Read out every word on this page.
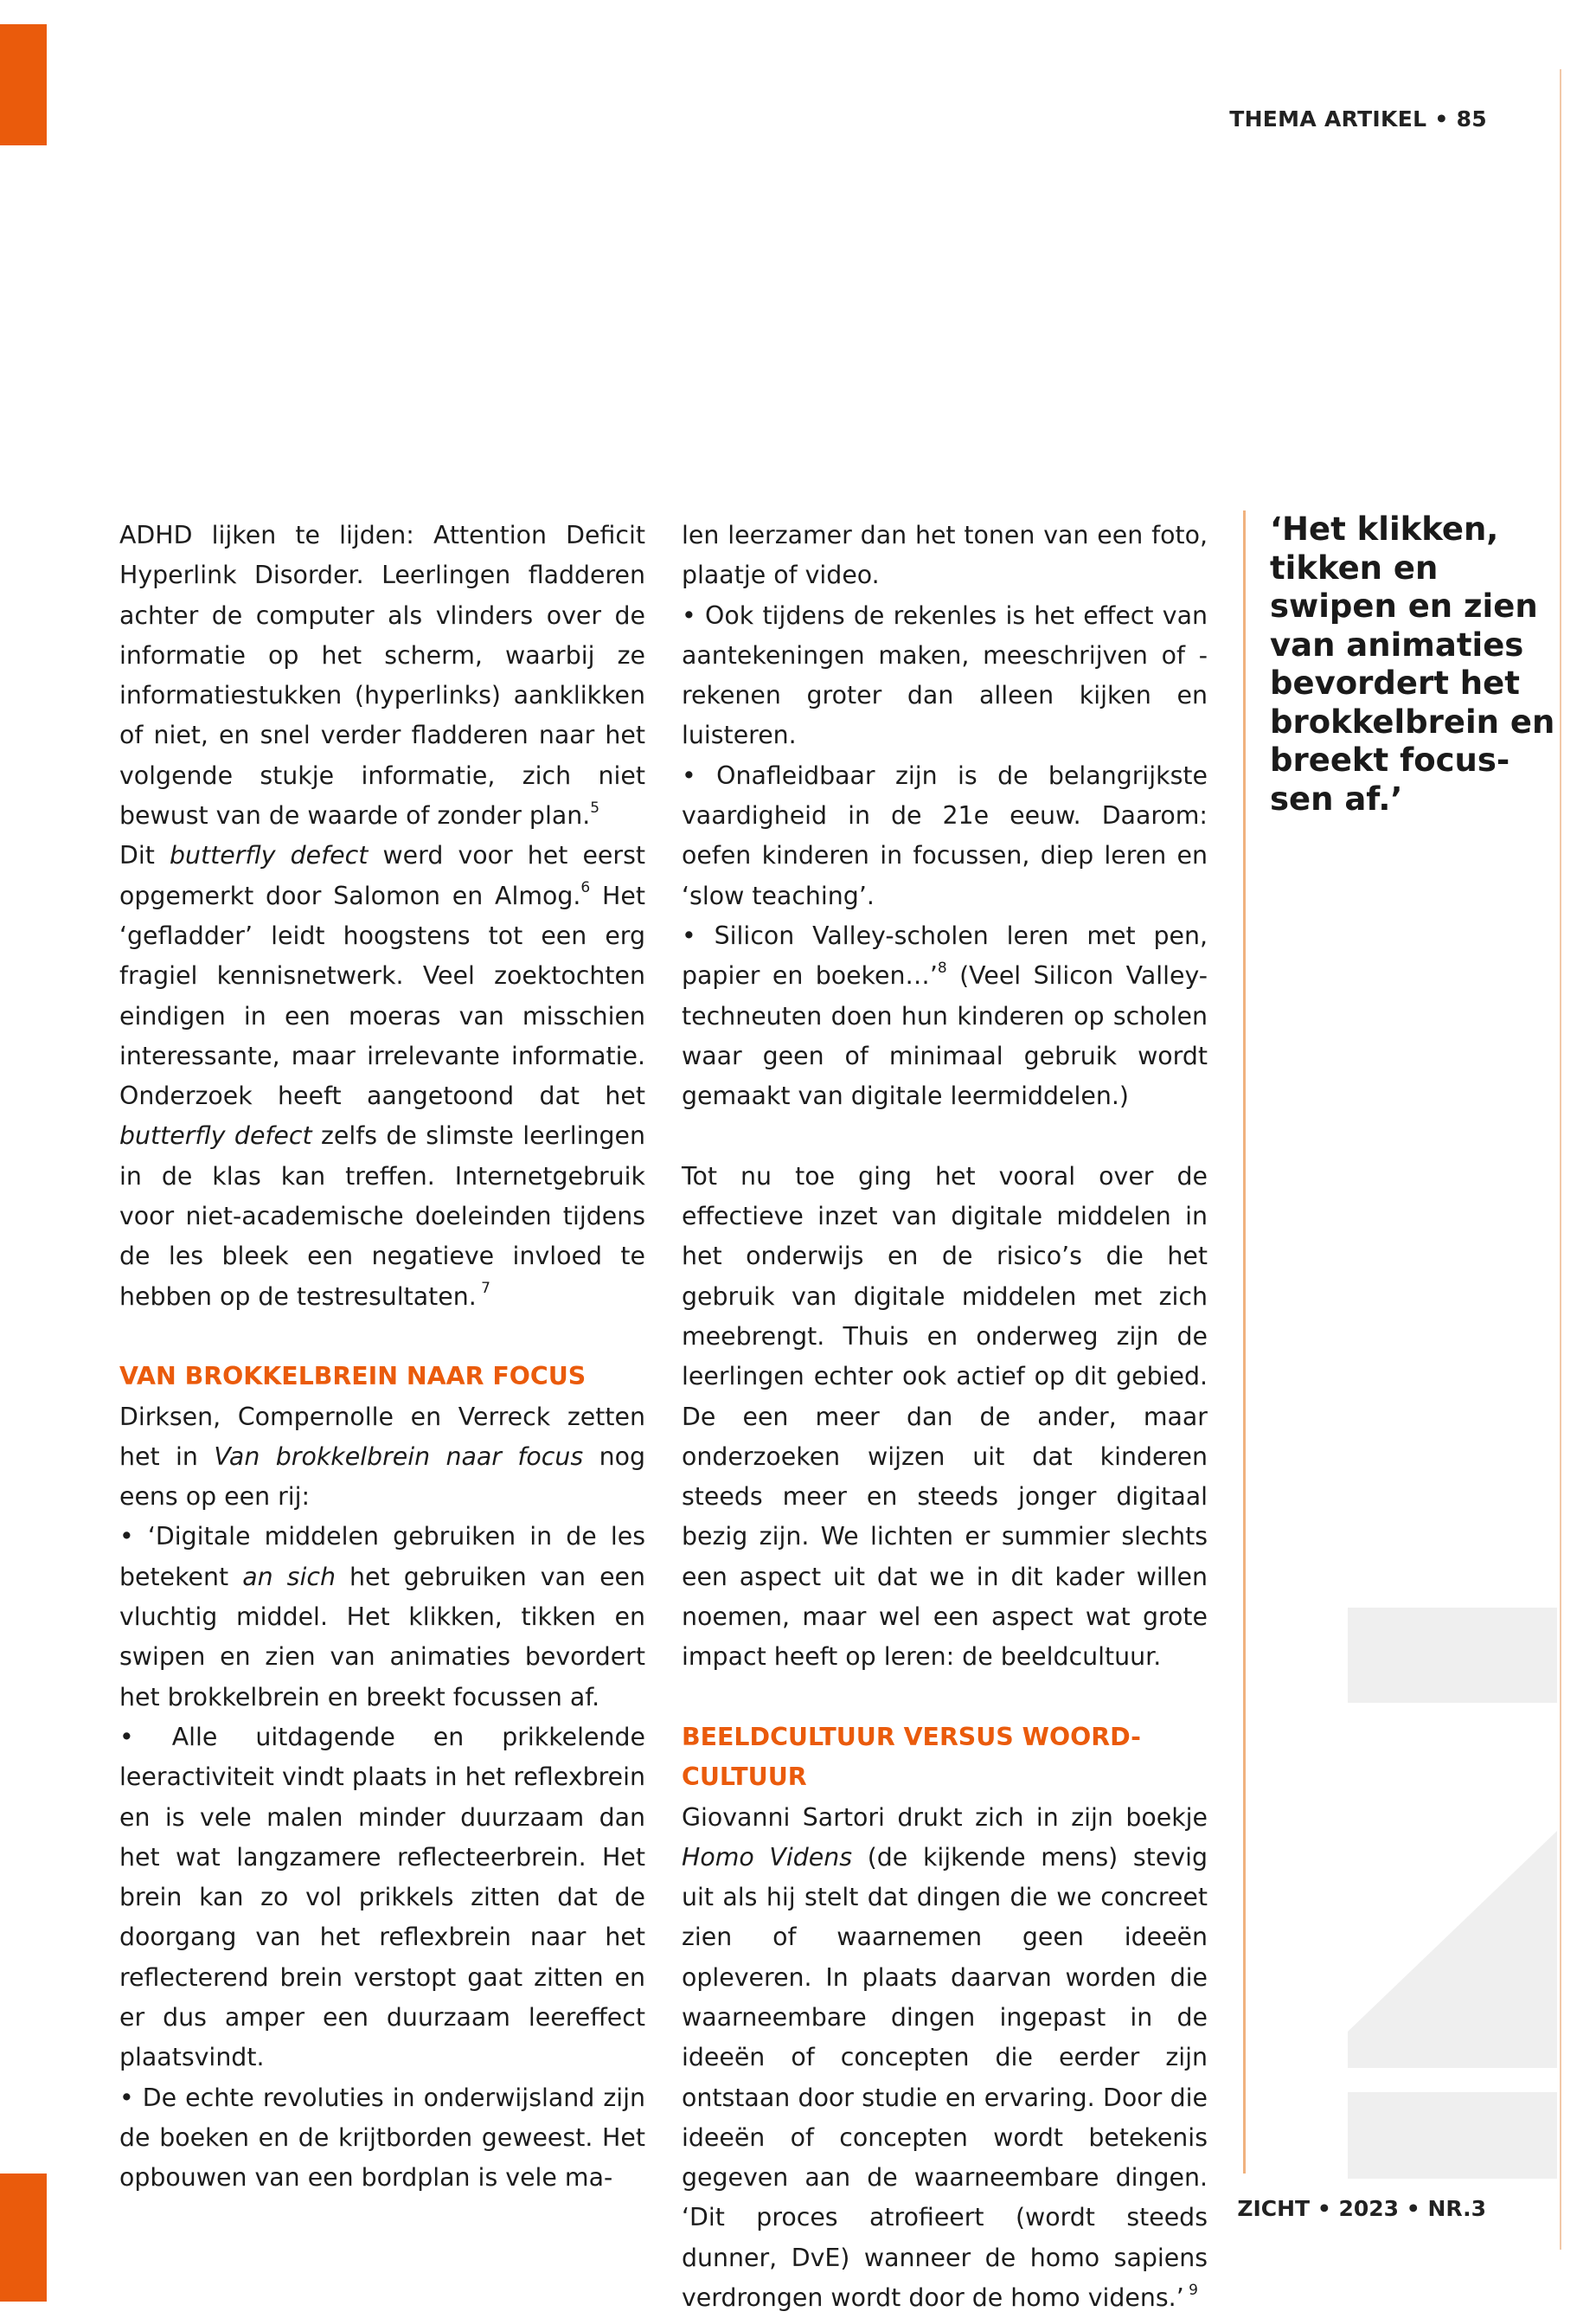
THEMA ARTIKEL • 85

ADHD lijken te lijden: Attention Deficit Hyperlink Disorder. Leerlingen fladderen achter de computer als vlinders over de informatie op het scherm, waarbij ze informatiestukken (hyperlinks) aanklikken of niet, en snel verder fladderen naar het volgende stukje informatie, zich niet bewust van de waarde of zonder plan.$^5$

Dit butterfly defect werd voor het eerst opgemerkt door Salomon en Almog.$^6$ Het ‘gefladder’ leidt hoogstens tot een erg fragiel kennisnetwerk. Veel zoektochten eindigen in een moeras van misschien interessante, maar irrelevante informatie. Onderzoek heeft aangetoond dat het butterfly defect zelfs de slimste leerlingen in de klas kan treffen. Internetgebruik voor niet-academische doeleinden tijdens de les bleek een negatieve invloed te hebben op de testresultaten. $^7$

VAN BROKKELBREIN NAAR FOCUS

Dirksen, Compernolle en Verreck zetten het in Van brokkelbrein naar focus nog eens op een rij:

• ‘Digitale middelen gebruiken in de les betekent an sich het gebruiken van een vluchtig middel. Het klikken, tikken en swipen en zien van animaties bevordert het brokkelbrein en breekt focussen af.

• Alle uitdagende en prikkelende leeractiviteit vindt plaats in het reflexbrein en is vele malen minder duurzaam dan het wat langzamere reflecteerbrein. Het brein kan zo vol prikkels zitten dat de doorgang van het reflexbrein naar het reflecterend brein verstopt gaat zitten en er dus amper een duurzaam leereffect plaatsvindt.

• De echte revoluties in onderwijsland zijn de boeken en de krijtborden geweest. Het opbouwen van een bordplan is vele ma-

len leerzamer dan het tonen van een foto, plaatje of video.

• Ook tijdens de rekenles is het effect van aantekeningen maken, meeschrijven of -rekenen groter dan alleen kijken en luisteren.

• Onafleidbaar zijn is de belangrijkste vaardigheid in de 21e eeuw. Daarom: oefen kinderen in focussen, diep leren en ‘slow teaching’.

• Silicon Valley-scholen leren met pen, papier en boeken…’$^8$ (Veel Silicon Valley-techneuten doen hun kinderen op scholen waar geen of minimaal gebruik wordt gemaakt van digitale leermiddelen.)

Tot nu toe ging het vooral over de effectieve inzet van digitale middelen in het onderwijs en de risico’s die het gebruik van digitale middelen met zich meebrengt. Thuis en onderweg zijn de leerlingen echter ook actief op dit gebied. De een meer dan de ander, maar onderzoeken wijzen uit dat kinderen steeds meer en steeds jonger digitaal bezig zijn. We lichten er summier slechts een aspect uit dat we in dit kader willen noemen, maar wel een aspect wat grote impact heeft op leren: de beeldcultuur.

BEELDCULTUUR VERSUS WOORD-
CULTUUR

Giovanni Sartori drukt zich in zijn boekje Homo Videns (de kijkende mens) stevig uit als hij stelt dat dingen die we concreet zien of waarnemen geen ideeën opleveren. In plaats daarvan worden die waarneembare dingen ingepast in de ideeën of concepten die eerder zijn ontstaan door studie en ervaring. Door die ideeën of concepten wordt betekenis gegeven aan de waarneembare dingen. ‘Dit proces atrofieert (wordt steeds dunner, DvE) wanneer de homo sapiens verdrongen wordt door de homo videns.’ $^9$

‘Het klikken,
tikken en
swipen en zien
van animaties
bevordert het
brokkelbrein en
breekt focus-
sen af.’
ZICHT • 2023 • NR.3
